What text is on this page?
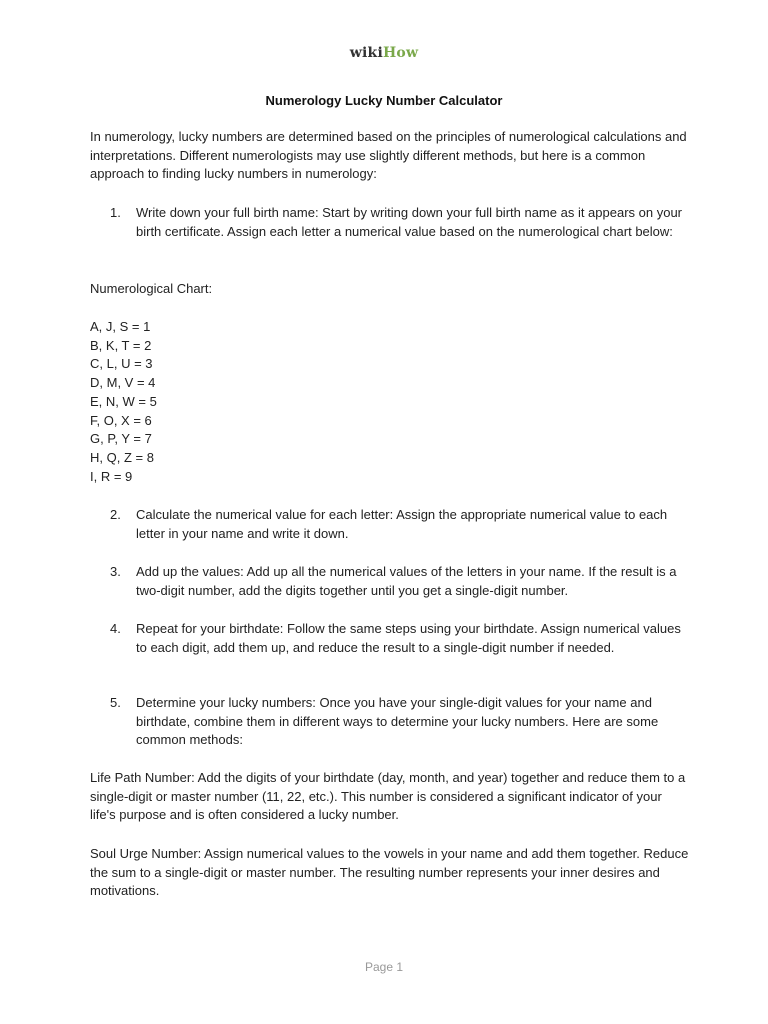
wikiHow
Numerology Lucky Number Calculator

In numerology, lucky numbers are determined based on the principles of numerological calculations and interpretations. Different numerologists may use slightly different methods, but here is a common approach to finding lucky numbers in numerology:

1.	Write down your full birth name: Start by writing down your full birth name as it appears on your birth certificate. Assign each letter a numerical value based on the numerological chart below:

Numerological Chart:

A, J, S = 1
B, K, T = 2
C, L, U = 3
D, M, V = 4
E, N, W = 5
F, O, X = 6
G, P, Y = 7
H, Q, Z = 8
I, R = 9
2.	Calculate the numerical value for each letter: Assign the appropriate numerical value to each letter in your name and write it down.
3.	Add up the values: Add up all the numerical values of the letters in your name. If the result is a two-digit number, add the digits together until you get a single-digit number.
4.	Repeat for your birthdate: Follow the same steps using your birthdate. Assign numerical values to each digit, add them up, and reduce the result to a single-digit number if needed.
5.	Determine your lucky numbers: Once you have your single-digit values for your name and birthdate, combine them in different ways to determine your lucky numbers. Here are some common methods:

Life Path Number: Add the digits of your birthdate (day, month, and year) together and reduce them to a single-digit or master number (11, 22, etc.). This number is considered a significant indicator of your life's purpose and is often considered a lucky number.

Soul Urge Number: Assign numerical values to the vowels in your name and add them together. Reduce the sum to a single-digit or master number. The resulting number represents your inner desires and motivations.

Page 1
